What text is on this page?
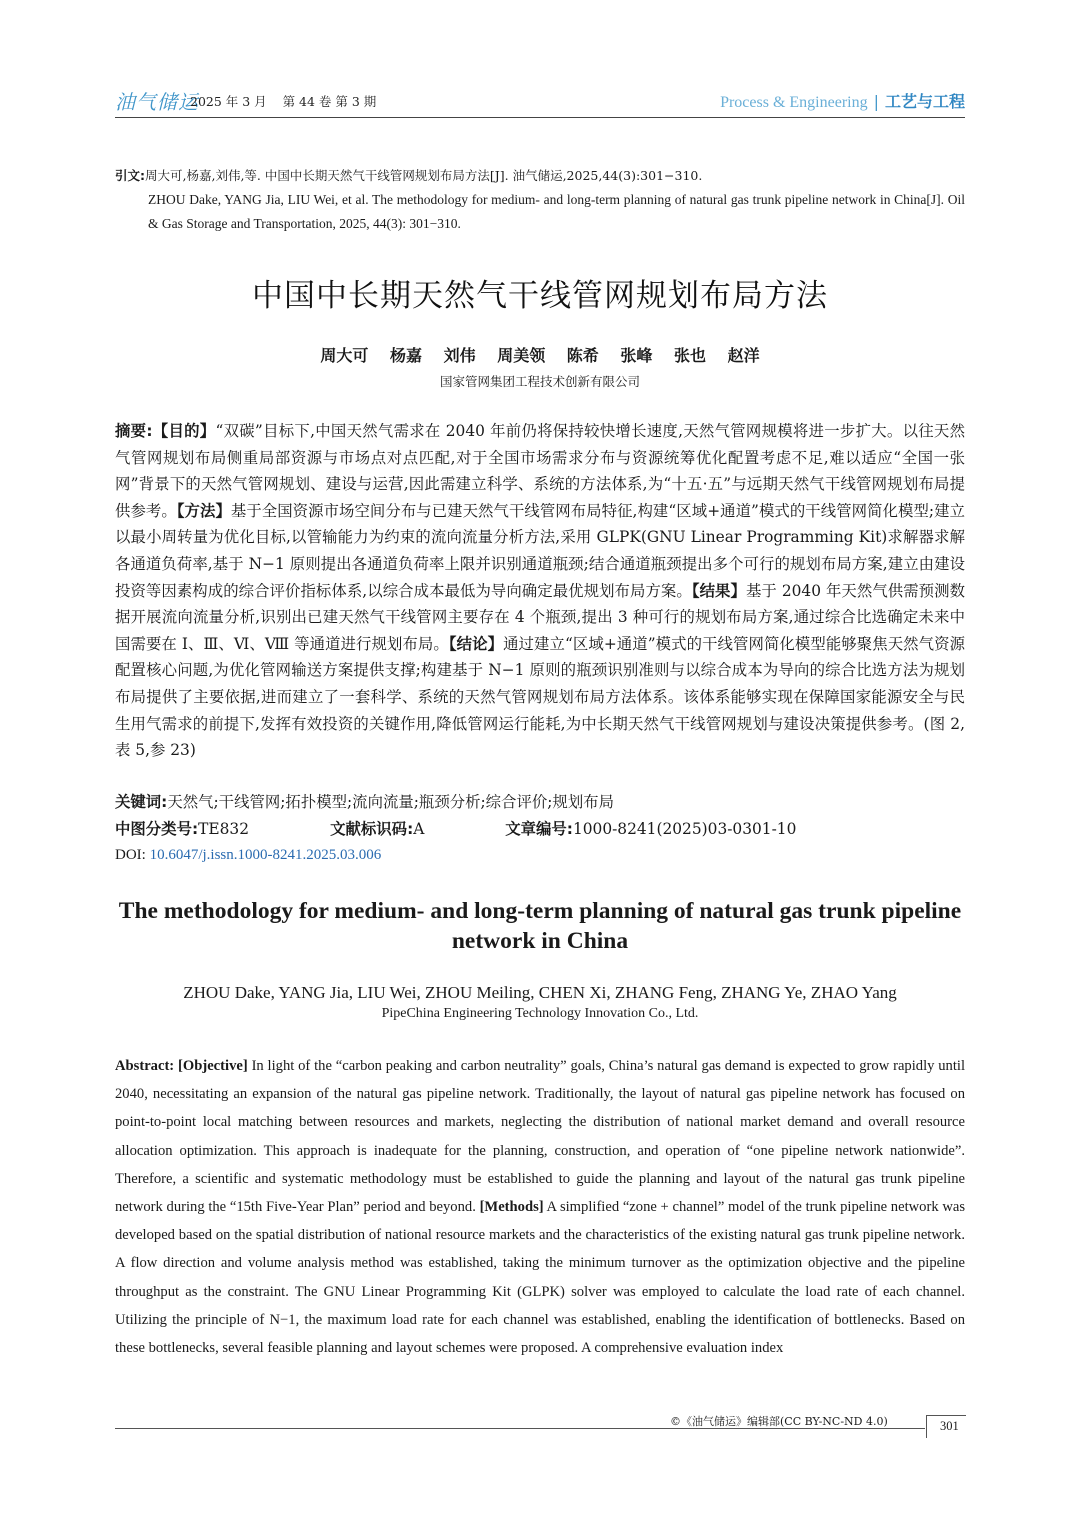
油气储运
2025 年 3 月    第 44 卷 第 3 期	Process & Engineering | 工艺与工程
引文:周大可,杨嘉,刘伟,等. 中国中长期天然气干线管网规划布局方法[J]. 油气储运,2025,44(3):301−310.
ZHOU Dake, YANG Jia, LIU Wei, et al. The methodology for medium- and long-term planning of natural gas trunk pipeline network in China[J]. Oil & Gas Storage and Transportation, 2025, 44(3): 301−310.
中国中长期天然气干线管网规划布局方法
周大可 杨嘉 刘伟 周美领 陈希 张峰 张也 赵洋
国家管网集团工程技术创新有限公司
摘要:【目的】“双碳”目标下,中国天然气需求在 2040 年前仍将保持较快增长速度,天然气管网规模将进一步扩大。以往天然气管网规划布局侧重局部资源与市场点对点匹配,对于全国市场需求分布与资源统筹优化配置考虑不足,难以适应“全国一张网”背景下的天然气管网规划、建设与运营,因此需建立科学、系统的方法体系,为“十五·五”与远期天然气干线管网规划布局提供参考。【方法】基于全国资源市场空间分布与已建天然气干线管网布局特征,构建“区域+通道”模式的干线管网简化模型;建立以最小周转量为优化目标,以管输能力为约束的流向流量分析方法,采用 GLPK(GNU Linear Programming Kit)求解器求解各通道负荷率,基于 N−1 原则提出各通道负荷率上限并识别通道瓶颈;结合通道瓶颈提出多个可行的规划布局方案,建立由建设投资等因素构成的综合评价指标体系,以综合成本最低为导向确定最优规划布局方案。【结果】基于 2040 年天然气供需预测数据开展流向流量分析,识别出已建天然气干线管网主要存在 4 个瓶颈,提出 3 种可行的规划布局方案,通过综合比选确定未来中国需要在 Ⅰ、Ⅲ、Ⅵ、Ⅷ 等通道进行规划布局。【结论】通过建立“区域+通道”模式的干线管网简化模型能够聚焦天然气资源配置核心问题,为优化管网输送方案提供支撑;构建基于 N−1 原则的瓶颈识别准则与以综合成本为导向的综合比选方法为规划布局提供了主要依据,进而建立了一套科学、系统的天然气管网规划布局方法体系。该体系能够实现在保障国家能源安全与民生用气需求的前提下,发挥有效投资的关键作用,降低管网运行能耗,为中长期天然气干线管网规划与建设决策提供参考。(图 2,表 5,参 23)
关键词:天然气;干线管网;拓扑模型;流向流量;瓶颈分析;综合评价;规划布局
中图分类号:TE832	文献标识码:A	文章编号:1000-8241(2025)03-0301-10
DOI: 10.6047/j.issn.1000-8241.2025.03.006
The methodology for medium- and long-term planning of natural gas trunk pipeline network in China
ZHOU Dake, YANG Jia, LIU Wei, ZHOU Meiling, CHEN Xi, ZHANG Feng, ZHANG Ye, ZHAO Yang
PipeChina Engineering Technology Innovation Co., Ltd.
Abstract: [Objective] In light of the “carbon peaking and carbon neutrality” goals, China’s natural gas demand is expected to grow rapidly until 2040, necessitating an expansion of the natural gas pipeline network. Traditionally, the layout of natural gas pipeline network has focused on point-to-point local matching between resources and markets, neglecting the distribution of national market demand and overall resource allocation optimization. This approach is inadequate for the planning, construction, and operation of “one pipeline network nationwide”. Therefore, a scientific and systematic methodology must be established to guide the planning and layout of the natural gas trunk pipeline network during the “15th Five-Year Plan” period and beyond. [Methods] A simplified “zone + channel” model of the trunk pipeline network was developed based on the spatial distribution of national resource markets and the characteristics of the existing natural gas trunk pipeline network. A flow direction and volume analysis method was established, taking the minimum turnover as the optimization objective and the pipeline throughput as the constraint. The GNU Linear Programming Kit (GLPK) solver was employed to calculate the load rate of each channel. Utilizing the principle of N−1, the maximum load rate for each channel was established, enabling the identification of bottlenecks. Based on these bottlenecks, several feasible planning and layout schemes were proposed. A comprehensive evaluation index
©《油气储运》编辑部(CC BY-NC-ND 4.0)	301
